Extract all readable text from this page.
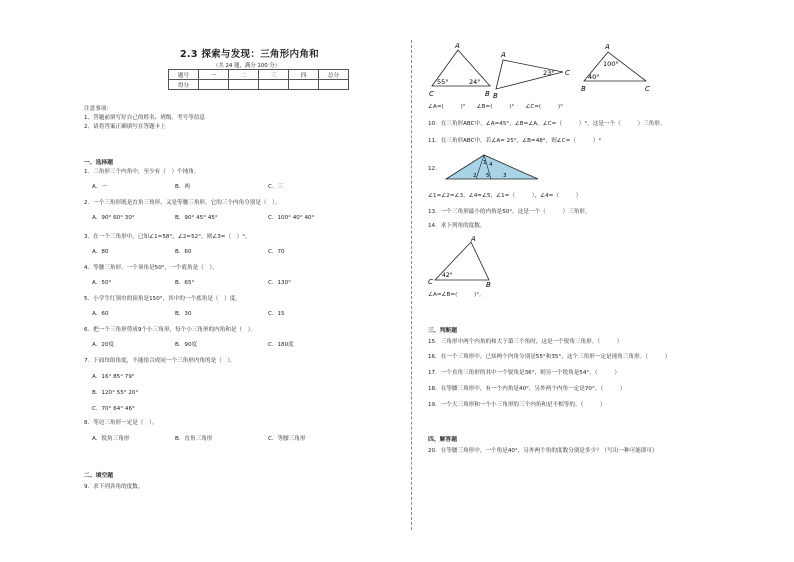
2.3 探索与发现：三角形内角和
（共 24 题，满分 100 分）
题号	一	二	三	四	总分
得分					
注意事项：
1、答题前填写好自己的姓名、班级、考号等信息
2、请将答案正确填写在答题卡上
一、选择题
1．三角形三个内角中，至少有（　）个钝角。
A．一	B．两	C．三
2．一个三角形既是直角三角形，又是等腰三角形，它的三个内角分别是（　）。
A．90° 60° 30°	B．90° 45° 45°	C．100° 40° 40°
3．在一个三角形中，已知∠1=58°，∠2=52°，则∠3=（　）°。
A．80	B．60	C．70
4．等腰三角形，一个顶角是50°，一个底角是（　）。
A．50°	B．65°	C．130°
5．小学生红领巾的顶角是150°，其中的一个底角是（　）度。
A．60	B．30	C．15
6．把一个三角形剪成9个小三角形，每个小三角形的内角和是（　）。
A．20度	B．90度	C．180度
7．下面每组角度，不能组合成同一个三角形内角的是（　）。
A．16° 85° 79°
B．120° 55° 20°
C．70° 64° 46°
8．等边三角形一定是（　）。
A．锐角三角形	B．直角三角形	C．等腰三角形
二、填空题
9．求下列各角的度数。
A
C	B
55°	24°
A
B
C
23°
A
B	C
100°
40°
∠A=(　　　)°　　∠B=(　　　)°　　∠C=(　　　)°
10．在三角形ABC中，∠A=45°，∠B=∠A，∠C=（　　　）°，这是一个（　　　）三角形。
11．在三角形ABC中，若∠A= 25°，∠B=48°，则∠C=（　　　）°
12．
1
2	3
4
5
∠1=∠2=∠3，∠4=∠5，∠1=（　　　），∠4=（　　　）
13．一个三角形最小的内角是50°，这是一个（　　　）三角形。
14．求下列角的度数。
A
C	B
42°
∠A=∠B=(　　　)°。
三、判断题
15．三角形中两个内角的和大于第三个角时，这是一个锐角三角形。（　　　）
16．在一个三角形中，已知两个内角分别是55°和35°，这个三角形一定是钝角三角形。（　　　）
17．一个直角三角形的其中一个锐角是36°，则另一个锐角是54°。（　　　）
18．在等腰三角形中，有一个内角是40°，另外两个内角一定是70°。（　　　）
19．一个大三角形和一个小三角形的三个内角和是不相等的。（　　　）
四、解答题
20．在等腰三角形中，一个角是40°，另外两个角的度数分别是多少？（写出一种可能即可）
